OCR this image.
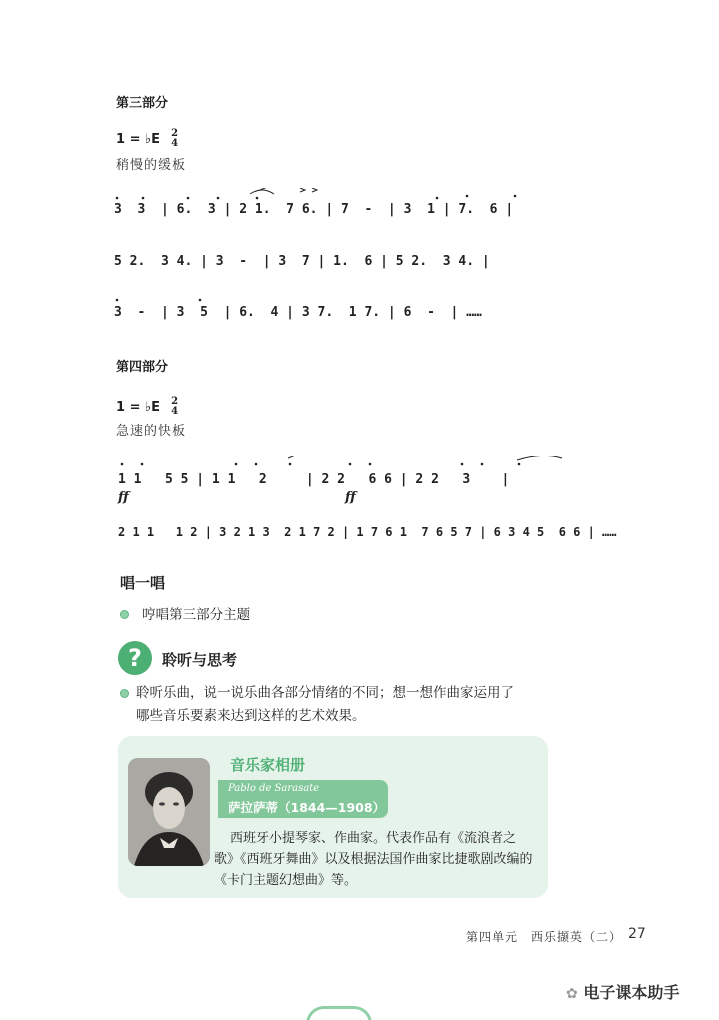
第三部分
1 = ♭E 2
4
稍慢的缓板
3  3  | 6.  3 | 2 1.  7 6. | 7  -  | 3  1 | 7.  6 |
5 2.  3 4. | 3  -  | 3  7 | 1.  6 | 5 2.  3 4. |
3  -  | 3  5  | 6.  4 | 3 7.  1 7. | 6  -  | ……
第四部分
1 = ♭E 2
4
急速的快板
1 1   5 5 | 1 1   2     | 2 2   6 6 | 2 2   3    |
ff	ff
2 1 1   1 2 | 3 2 1 3  2 1 7 2 | 1 7 6 1  7 6 5 7 | 6 3 4 5  6 6 | ……
唱一唱
哼唱第三部分主题
?	聆听与思考
聆听乐曲，说一说乐曲各部分情绪的不同；想一想作曲家运用了
哪些音乐要素来达到这样的艺术效果。
音乐家相册
Pablo de Sarasate
萨拉萨蒂（1844—1908）
西班牙小提琴家、作曲家。代表作品有《流浪者之
歌》《西班牙舞曲》以及根据法国作曲家比捷歌剧改编的
《卡门主题幻想曲》等。
第四单元　西乐撷英（二） 27
✿ 电子课本助手
